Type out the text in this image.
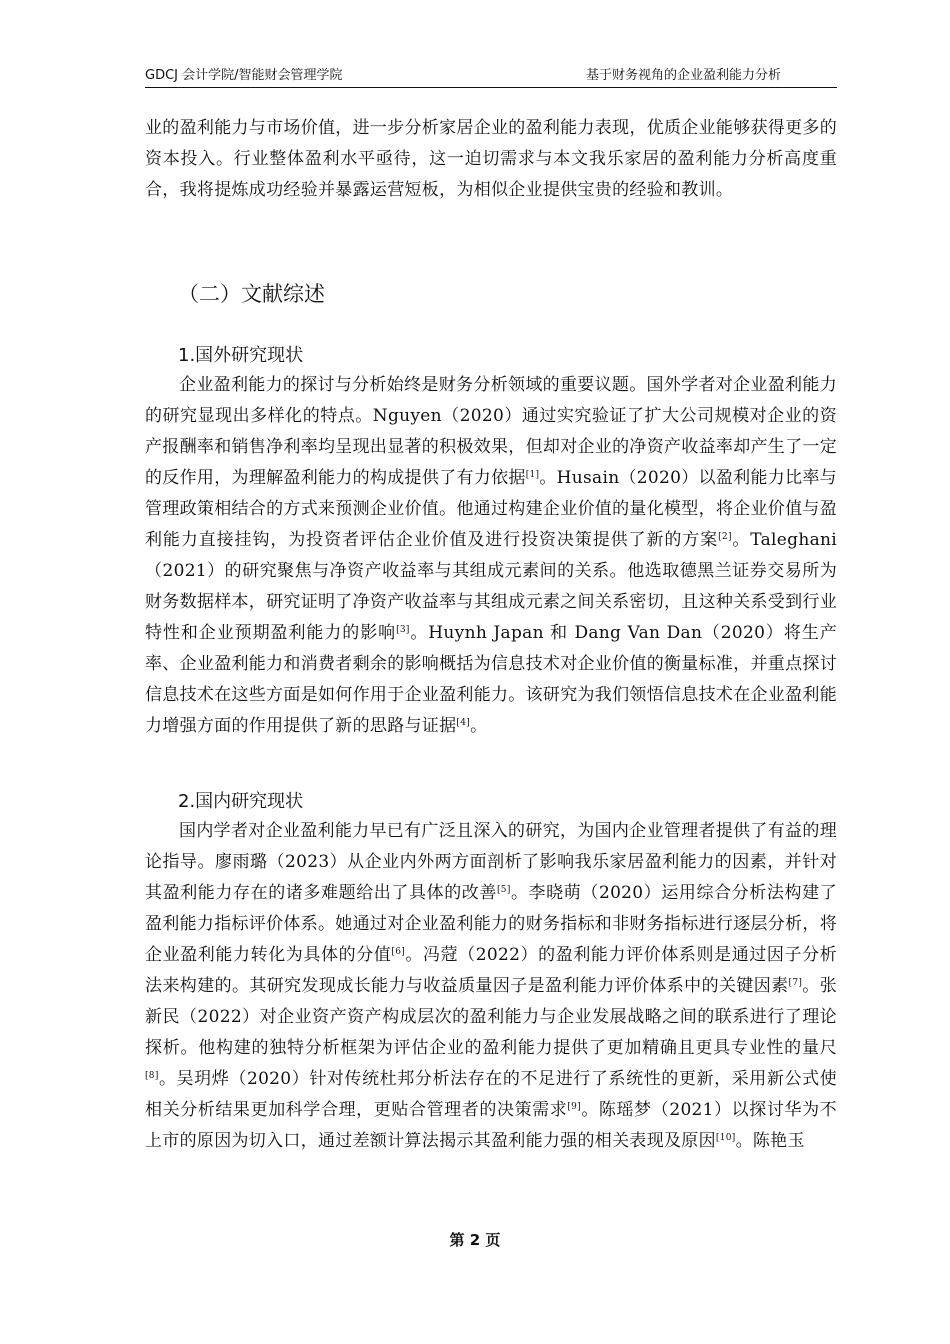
GDCJ 会计学院/智能财会管理学院	基于财务视角的企业盈利能力分析

业的盈利能力与市场价值，进一步分析家居企业的盈利能力表现，优质企业能够获得更多的资本投入。行业整体盈利水平亟待，这一迫切需求与本文我乐家居的盈利能力分析高度重合，我将提炼成功经验并暴露运营短板，为相似企业提供宝贵的经验和教训。

（二）文献综述
1.国外研究现状

企业盈利能力的探讨与分析始终是财务分析领域的重要议题。国外学者对企业盈利能力的研究显现出多样化的特点。Nguyen（2020）通过实究验证了扩大公司规模对企业的资产报酬率和销售净利率均呈现出显著的积极效果，但却对企业的净资产收益率却产生了一定的反作用，为理解盈利能力的构成提供了有力依据[1]。Husain（2020）以盈利能力比率与管理政策相结合的方式来预测企业价值。他通过构建企业价值的量化模型，将企业价值与盈利能力直接挂钩，为投资者评估企业价值及进行投资决策提供了新的方案[2]。Taleghani（2021）的研究聚焦与净资产收益率与其组成元素间的关系。他选取德黑兰证券交易所为财务数据样本，研究证明了净资产收益率与其组成元素之间关系密切，且这种关系受到行业特性和企业预期盈利能力的影响[3]。Huynh Japan 和 Dang Van Dan（2020）将生产率、企业盈利能力和消费者剩余的影响概括为信息技术对企业价值的衡量标准，并重点探讨信息技术在这些方面是如何作用于企业盈利能力。该研究为我们领悟信息技术在企业盈利能力增强方面的作用提供了新的思路与证据[4]。

2.国内研究现状

国内学者对企业盈利能力早已有广泛且深入的研究，为国内企业管理者提供了有益的理论指导。廖雨璐（2023）从企业内外两方面剖析了影响我乐家居盈利能力的因素，并针对其盈利能力存在的诸多难题给出了具体的改善[5]。李晓萌（2020）运用综合分析法构建了盈利能力指标评价体系。她通过对企业盈利能力的财务指标和非财务指标进行逐层分析，将企业盈利能力转化为具体的分值[6]。冯蒄（2022）的盈利能力评价体系则是通过因子分析法来构建的。其研究发现成长能力与收益质量因子是盈利能力评价体系中的关键因素[7]。张新民（2022）对企业资产资产构成层次的盈利能力与企业发展战略之间的联系进行了理论探析。他构建的独特分析框架为评估企业的盈利能力提供了更加精确且更具专业性的量尺[8]。吴玥烨（2020）针对传统杜邦分析法存在的不足进行了系统性的更新，采用新公式使相关分析结果更加科学合理，更贴合管理者的决策需求[9]。陈瑶梦（2021）以探讨华为不上市的原因为切入口，通过差额计算法揭示其盈利能力强的相关表现及原因[10]。陈艳玉

第 2 页
